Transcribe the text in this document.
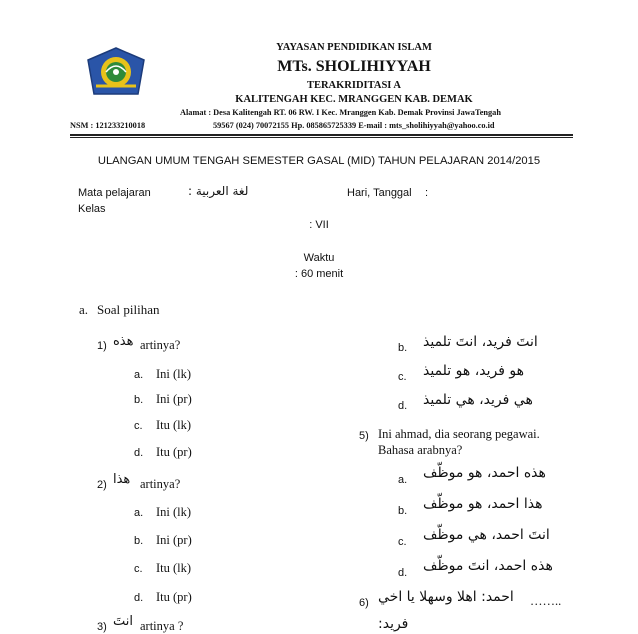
YAYASAN PENDIDIKAN ISLAM
MTs. SHOLIHIYYAH
TERAKRIDITASI A
KALITENGAH KEC. MRANGGEN KAB. DEMAK
Alamat : Desa Kalitengah RT. 06 RW. I Kec. Mranggen Kab. Demak Provinsi JawaTengah
NSM : 121233210018	59567 (024) 70072155 Hp. 085865725339 E-mail : mts_sholihiyyah@yahoo.co.id
ULANGAN UMUM TENGAH SEMESTER GASAL (MID) TAHUN PELAJARAN 2014/2015
Mata pelajaran	: لغة العربية	Hari, Tanggal :
Kelas
: VII
Waktu
: 60 menit
a. Soal pilihan
1) هذه artinya?
a. Ini (lk)
b. Ini (pr)
c. Itu (lk)
d. Itu (pr)
2) هذا artinya?
a. Ini (lk)
b. Ini (pr)
c. Itu (lk)
d. Itu (pr)
3) انتَ artinya ?
b. انتَ فريد، انتَ تلميذ
c. هو فريد، هو تلميذ
d. هي فريد، هي تلميذ
5) Ini ahmad, dia seorang pegawai.
Bahasa arabnya?
a. هذه احمد، هو موظّف
b. هذا احمد، هو موظّف
c. انتَ احمد، هي موظّف
d. هذه احمد، انتَ موظّف
6) احمد: اهلا وسهلا يا اخي ……..
فريد:
